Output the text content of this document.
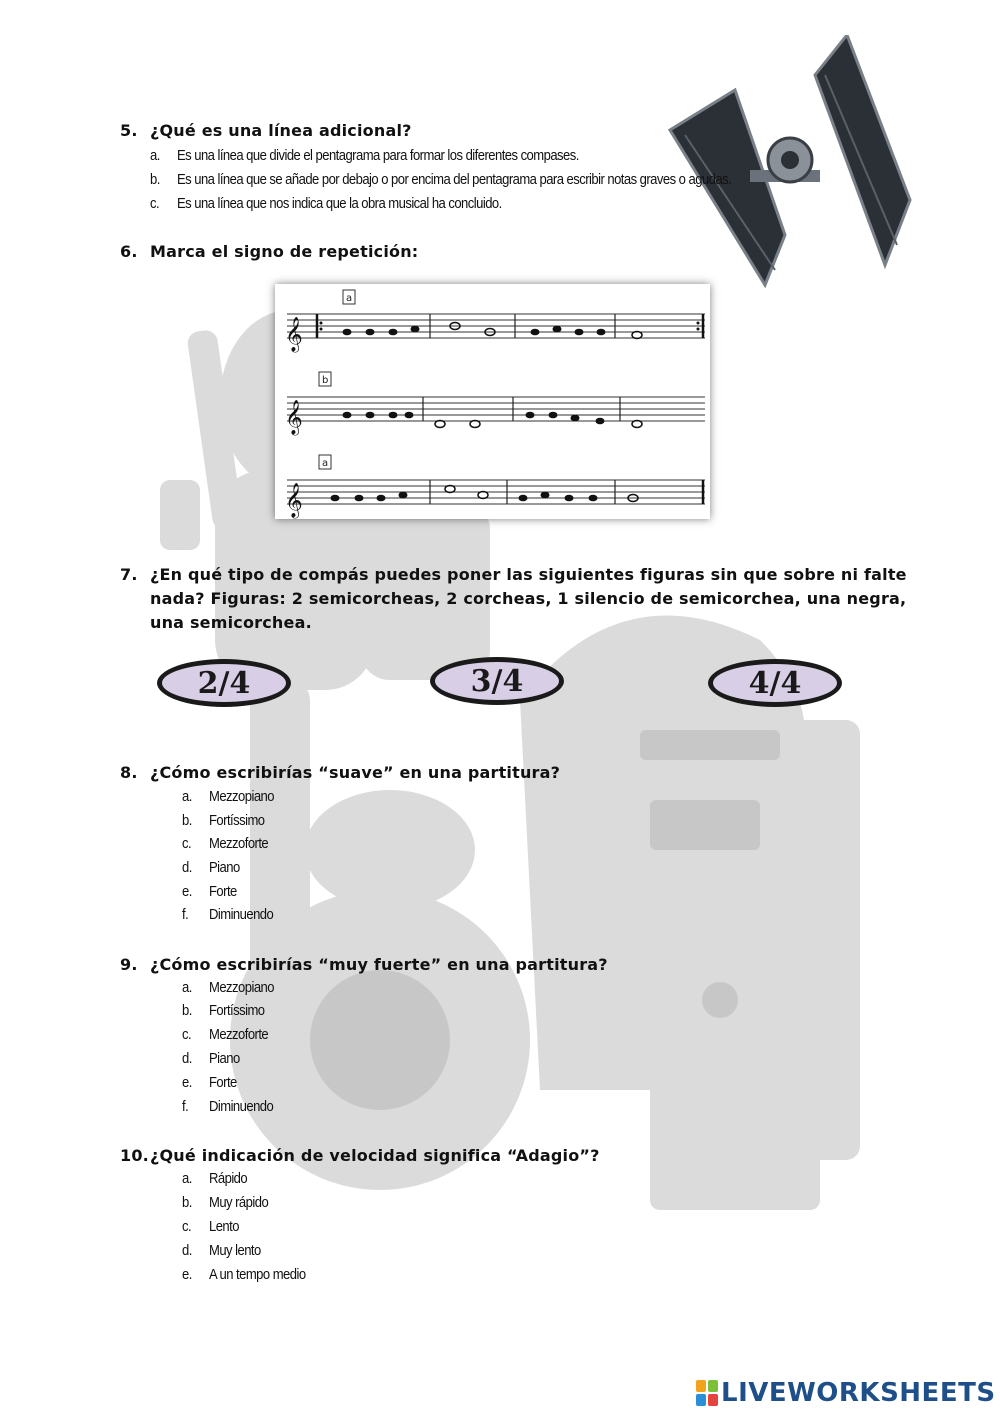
5. ¿Qué es una línea adicional?
a. Es una línea que divide el pentagrama para formar los diferentes compases.
b. Es una línea que se añade por debajo o por encima del pentagrama para escribir notas graves o agudas.
c. Es una línea que nos indica que la obra musical ha concluido.
6. Marca el signo de repetición:
𝄞
𝄞
𝄞
a
b
a
7. ¿En qué tipo de compás puedes poner las siguientes figuras sin que sobre ni falte nada? Figuras: 2 semicorcheas, 2 corcheas, 1 silencio de semicorchea, una negra, una semicorchea.
2/4	3/4	4/4
8. ¿Cómo escribirías “suave” en una partitura?
a. Mezzopiano
b. Fortíssimo
c. Mezzoforte
d. Piano
e. Forte
f. Diminuendo
9. ¿Cómo escribirías “muy fuerte” en una partitura?
a. Mezzopiano
b. Fortíssimo
c. Mezzoforte
d. Piano
e. Forte
f. Diminuendo
10.¿Qué indicación de velocidad significa “Adagio”?
a. Rápido
b. Muy rápido
c. Lento
d. Muy lento
e. A un tempo medio
LIVEWORKSHEETS
